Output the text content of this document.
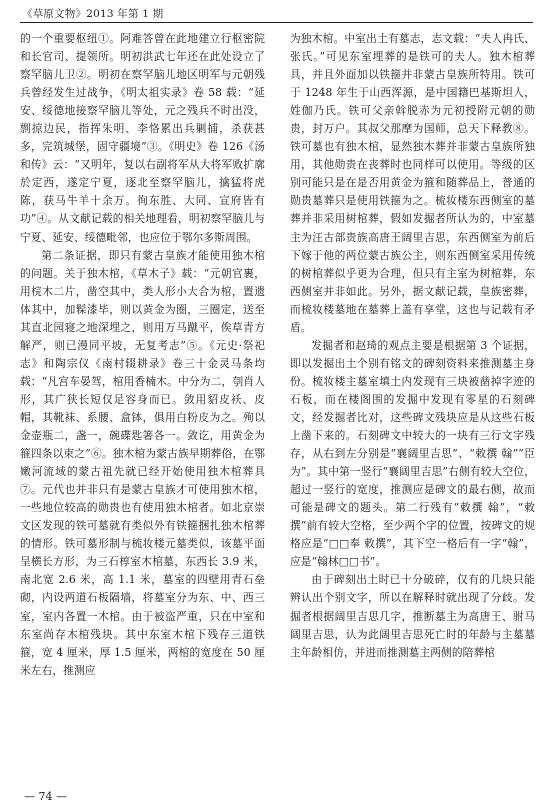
《草原文物》2013 年第 1 期

的一个重要枢纽①。阿难答曾在此地建立行枢密院和长官司、提领所。明初洪武七年还在此处设立了察罕脑儿卫②。明初在察罕脑儿地区明军与元朝残兵曾经发生过战争，《明太祖实录》卷 58 载：“延安、绥德地接察罕脑儿等处，元之残兵不时出没，剽掠边民，指挥朱明、李恪累出兵剿捕，杀获甚多，完筑城堡，固守疆境”③。《明史》卷 126《汤和传》云：“又明年，复以右副将军从大将军败扩廓於定西，遂定宁夏，逐北至察罕脑儿，擒猛将虎陈，获马牛羊十余万。徇东胜、大同、宣府皆有功”④。从文献记载的相关地理看，明初察罕脑儿与宁夏、延安、绥德毗邻，也应位于鄂尔多斯周围。

第二条证据，即只有蒙古皇族才能使用独木棺的问题。关于独木棺，《草木子》载：“元朝官裹，用梡木二片，凿空其中，类人形小大合为棺，置遗体其中，加髹漆毕，则以黄金为圈，三圈定，送至其直北园寝之地深埋之，则用万马蹴平，俟草青方解严，则已漫同平坡，无复考志”⑤。《元史·祭祀志》和陶宗仪《南村辍耕录》卷三十金灵马条均载：“凡宫车晏驾，棺用香楠木。中分为二，刳肖人形，其广狭长短仅足容身而已。敛用貂皮袄、皮帽，其靴袜、系腰、盒钵，俱用白粉皮为之。殉以金壶瓶二，盏一，碗碟匙箸各一。敛讫，用黄金为箍四条以束之”⑥。独木棺为蒙古族早期葬俗，在鄂嫩河流域的蒙古祖先就已经开始使用独木棺葬具⑦。元代也并非只有是蒙古皇族才可使用独木棺，一些地位较高的勋贵也有使用独木棺者。如北京崇文区发现的铁可墓就有类似外有铁箍捆扎独木棺葬的情形。铁可墓形制与梳妆楼元墓类似，该墓平面呈横长方形，为三石椁室木棺墓，东西长 3.9 米，南北宽 2.6 米，高 1.1 米，墓室的四壁用青石垒砌，内设两道石板隔墙，将墓室分为东、中、西三室，室内各置一木棺。由于被盗严重，只在中室和东室尚存木棺残块。其中东室木棺下残存三道铁箍，宽 4 厘米，厚 1.5 厘米，两棺的宽度在 50 厘米左右，推测应

为独木棺。中室出土有墓志，志文载：“夫人冉氏、张氏。”可见东室埋葬的是铁可的夫人。独木棺葬具，并且外面加以铁箍并非蒙古皇族所特用。铁可于 1248 年生于山西浑源，是中国籍巴基斯坦人，姓伽乃氏。铁可父亲斡脱赤为元初授附元朝的勋贵，封万户。其叔父那摩为国师，总天下释教⑧。铁可墓也有独木棺，显然独木葬并非蒙古皇族所独用，其他勋贵在丧葬时也同样可以使用。等级的区别可能只是在是否用黄金为箍和随葬品上，普通的勋贵墓葬只是使用铁箍为之。梳妆楼东西侧室的墓葬并非采用树棺葬，假如发掘者所认为的，中室墓主为汪古部贵族高唐王阔里吉思，东西侧室为前后下嫁于他的两位蒙古族公主，则东西侧室采用传统的树棺葬似乎更为合理，但只有主室为树棺葬，东西侧室并非如此。另外，据文献记载，皇族密葬，而梳妆楼墓地在墓葬上盖有享堂，这也与记载有矛盾。

发掘者和赵琦的观点主要是根据第 3 个证据，即以发掘出土个别有铭文的碑刻资料来推测墓主身份。梳妆楼主墓室填土内发现有三块被凿掉字迹的石板，而在楼阁围的发掘中发现有零星的石刻碑文，经发掘者比对，这些碑文残块应是从这些石板上凿下来的。石刻碑文中较大的一块有三行文字残存，从右到左分别是“襄阔里吉思”、“敕撰 翰”“臣为”。其中第一竖行“襄阔里吉思”右侧有较大空位，超过一竖行的宽度，推测应是碑文的最右侧，故而可能是碑文的题头。第二行残有“敕撰 翰”，“敕撰”前有较大空格，至少两个字的位置，按碑文的规格应是“□□奉 敕撰”，其下空一格后有一字“翰”，应是“翰林□□书”。

由于碑刻出土时已十分破碎，仅有的几块只能辨认出个别文字，所以在解释时就出现了分歧。发掘者根据阔里吉思几字，推断墓主为高唐王、驸马阔里吉思，认为此阔里吉思死亡时的年龄与主墓墓主年龄相仿，并进而推测墓主两侧的陪葬棺

— 74 —
